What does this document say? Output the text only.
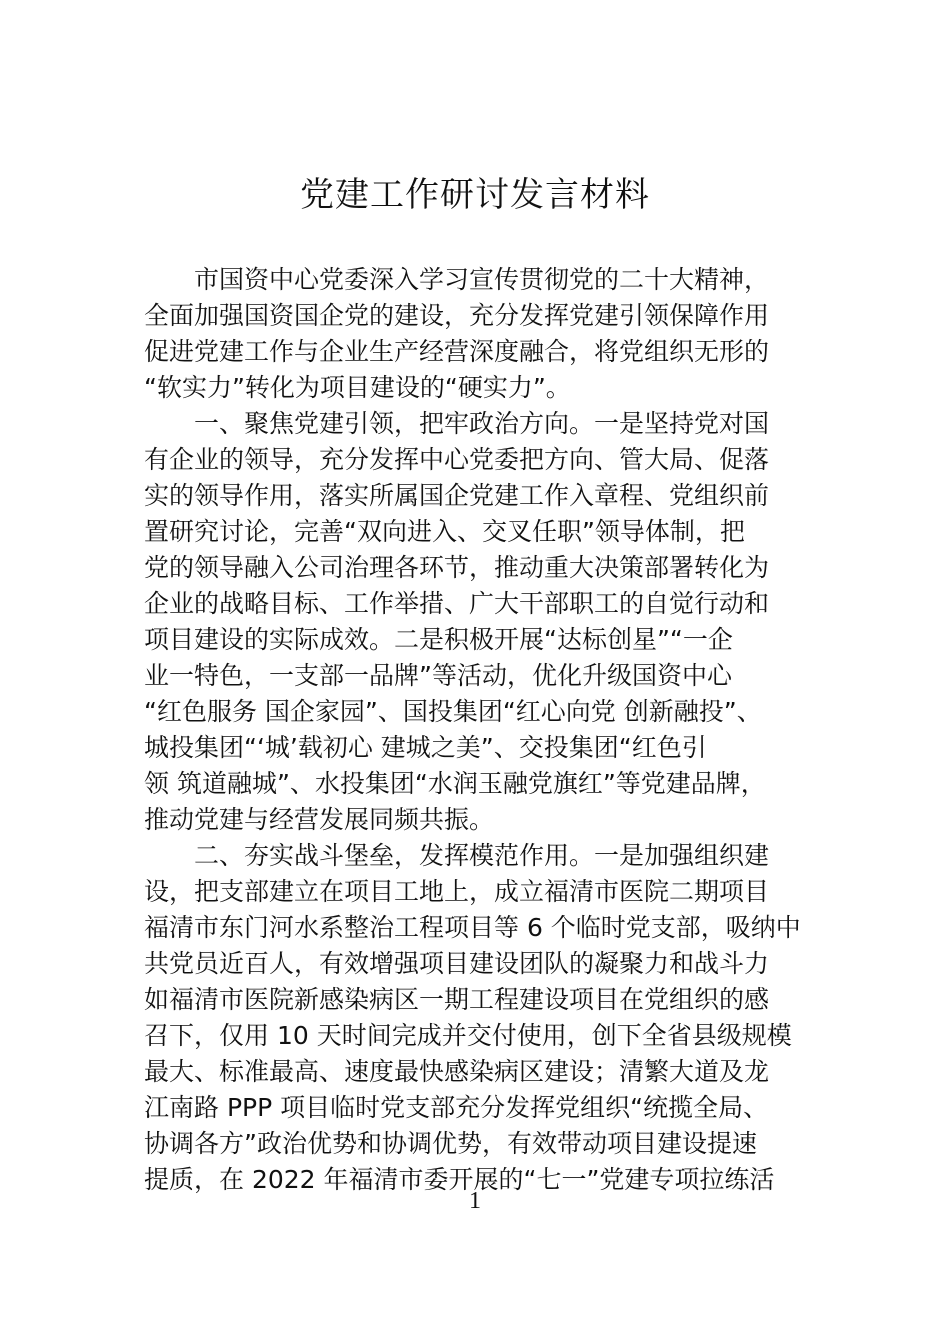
党建工作研讨发言材料
市国资中心党委深入学习宣传贯彻党的二十大精神，
全面加强国资国企党的建设，充分发挥党建引领保障作用
促进党建工作与企业生产经营深度融合，将党组织无形的
“软实力”转化为项目建设的“硬实力”。
一、聚焦党建引领，把牢政治方向。一是坚持党对国
有企业的领导，充分发挥中心党委把方向、管大局、促落
实的领导作用，落实所属国企党建工作入章程、党组织前
置研究讨论，完善“双向进入、交叉任职”领导体制，把
党的领导融入公司治理各环节，推动重大决策部署转化为
企业的战略目标、工作举措、广大干部职工的自觉行动和
项目建设的实际成效。二是积极开展“达标创星”“一企
业一特色，一支部一品牌”等活动，优化升级国资中心
“红色服务 国企家园”、国投集团“红心向党 创新融投”、
城投集团“‘城’载初心 建城之美”、交投集团“红色引
领 筑道融城”、水投集团“水润玉融党旗红”等党建品牌，
推动党建与经营发展同频共振。
二、夯实战斗堡垒，发挥模范作用。一是加强组织建
设，把支部建立在项目工地上，成立福清市医院二期项目
福清市东门河水系整治工程项目等 6 个临时党支部，吸纳中
共党员近百人，有效增强项目建设团队的凝聚力和战斗力
如福清市医院新感染病区一期工程建设项目在党组织的感
召下，仅用 10 天时间完成并交付使用，创下全省县级规模
最大、标准最高、速度最快感染病区建设；清繁大道及龙
江南路 PPP 项目临时党支部充分发挥党组织“统揽全局、
协调各方”政治优势和协调优势，有效带动项目建设提速
提质，在 2022 年福清市委开展的“七一”党建专项拉练活
1
